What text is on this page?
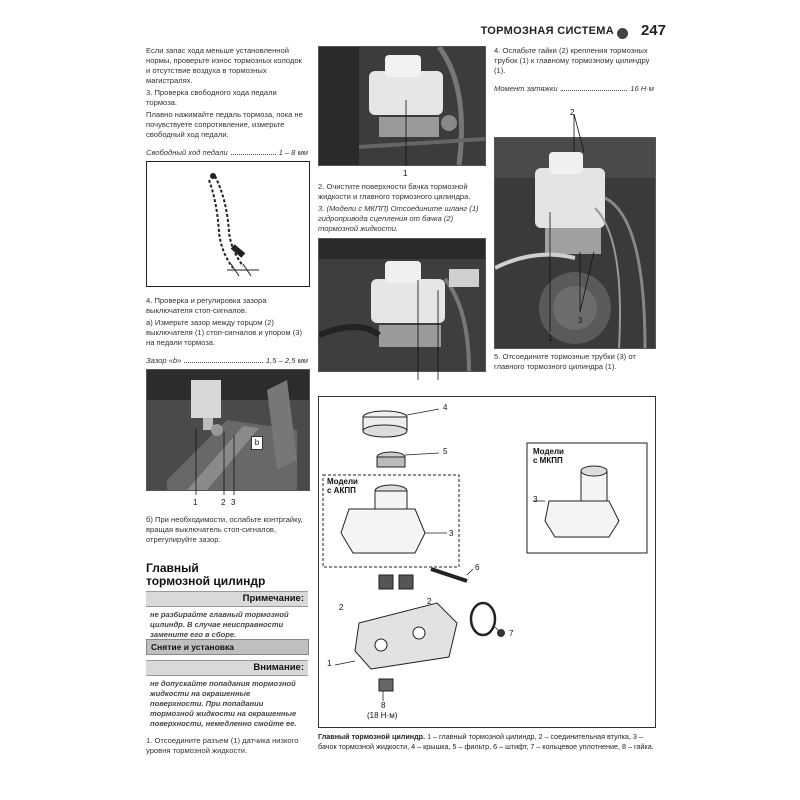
ТОРМОЗНАЯ СИСТЕМА 247
Если запас хода меньше установленной нормы, проверьте износ тормозных колодок и отсутствие воздуха в тормозных магистралях.
3. Проверка свободного хода педали тормоза.
Плавно нажимайте педаль тормоза, пока не почувствуете сопротивление, измерьте свободный ход педали.
Свободный ход педали	1 – 8 мм
4. Проверка и регулировка зазора выключателя стоп-сигналов.
а) Измерьте зазор между торцом (2) выключателя (1) стоп-сигналов и упором (3) на педали тормоза.
Зазор «b»	1,5 – 2,5 мм
b
1	2 3
б) При необходимости, ослабьте контргайку, вращая выключатель стоп-сигналов, отрегулируйте зазор.
Главный
тормозной цилиндр
Примечание:
не разбирайте главный тормозной цилиндр. В случае неисправности замените его в сборе.
Снятие и установка
Внимание:
не допускайте попадания тормозной жидкости на окрашенные поверхности. При попадании тормозной жидкости на окрашенные поверхности, немедленно смойте ее.
1. Отсоедините разъем (1) датчика низкого уровня тормозной жидкости.
1
2. Очистите поверхности бачка тормозной жидкости и главного тормозного цилиндра.
3. (Модели с МКПП) Отсоедините шланг (1) гидропривода сцепления от бачка (2) тормозной жидкости.
4. Ослабьте гайки (2) крепления тормозных трубок (1) к главному тормозному цилиндру (1).
Момент затяжки	16 Н·м
2
1
3
5. Отсоедините тормозные трубки (3) от главного тормозного цилиндра (1).
4
5
Модели с АКПП
3
6
2
2
7
1
8
(18 Н·м)
Модели с МКПП
3
Главный тормозной цилиндр. 1 – главный тормозной цилиндр, 2 – соединительная втулка, 3 – бачок тормозной жидкости, 4 – крышка, 5 – фильтр, 6 – штифт, 7 – кольцевое уплотнение, 8 – гайка.
